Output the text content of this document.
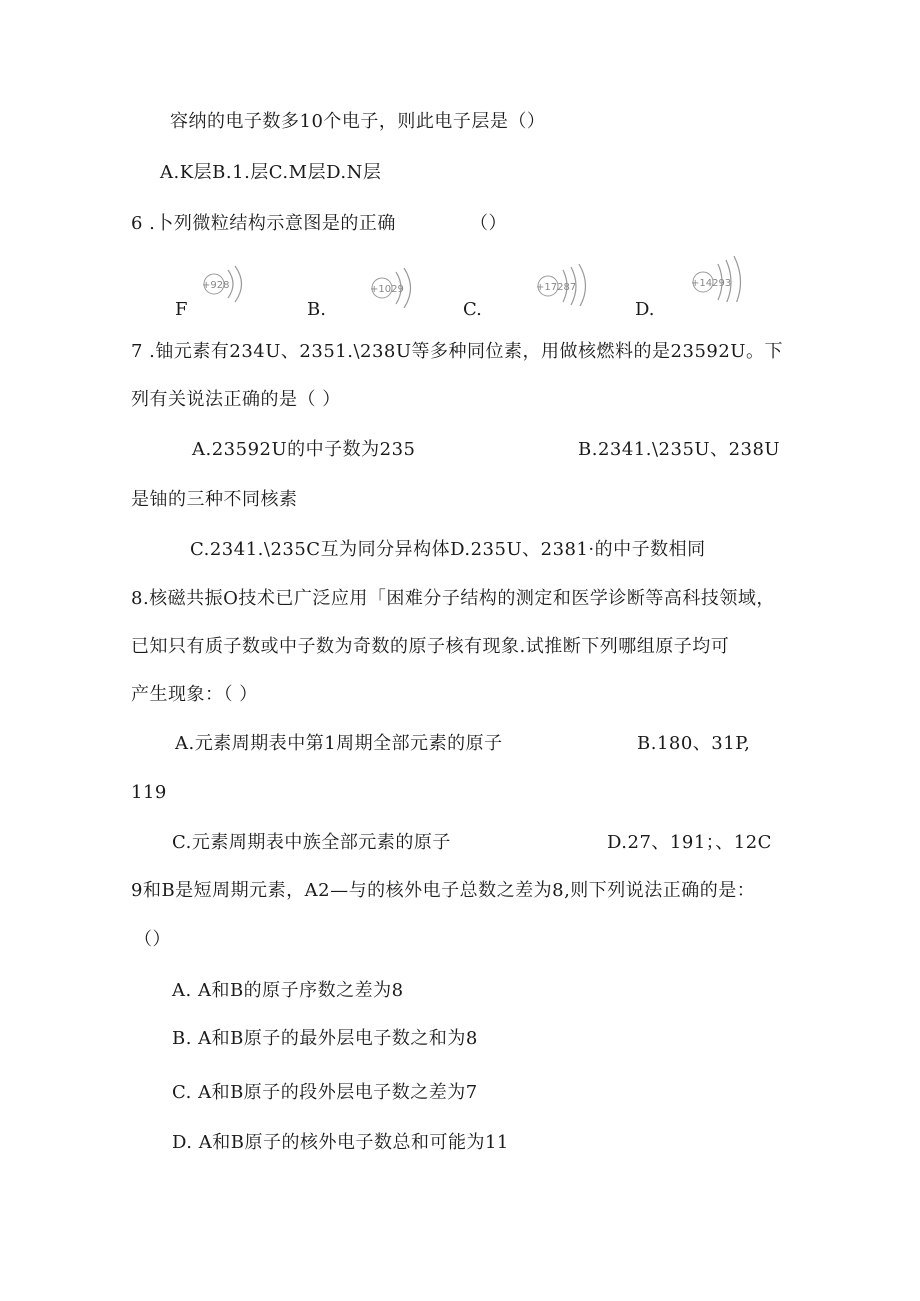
容纳的电子数多10个电子，则此电子层是（）
A.K层B.1.层C.M层D.N层
6 .卜列微粒结构示意图是的正确	（）
F
+928
B.
+1029
C.
+17287
D.
+14293
7 .铀元素有234U、2351.\238U等多种同位素，用做核燃料的是23592U。下
列有关说法正确的是（ ）
A.23592U的中子数为235	B.2341.\235U、238U
是铀的三种不同核素
C.2341.\235C互为同分异构体D.235U、2381·的中子数相同
8.核磁共振O技术已广泛应用「困难分子结构的测定和医学诊断等高科技领域，
已知只有质子数或中子数为奇数的原子核有现象.试推断下列哪组原子均可
产生现象：（ ）
A.元素周期表中第1周期全部元素的原子	B.180、31P,
119
C.元素周期表中族全部元素的原子	D.27、191；、12C
9和B是短周期元素，A2—与的核外电子总数之差为8,则下列说法正确的是：
（）
A. A和B的原子序数之差为8
B. A和B原子的最外层电子数之和为8
C. A和B原子的段外层电子数之差为7
D. A和B原子的核外电子数总和可能为11
